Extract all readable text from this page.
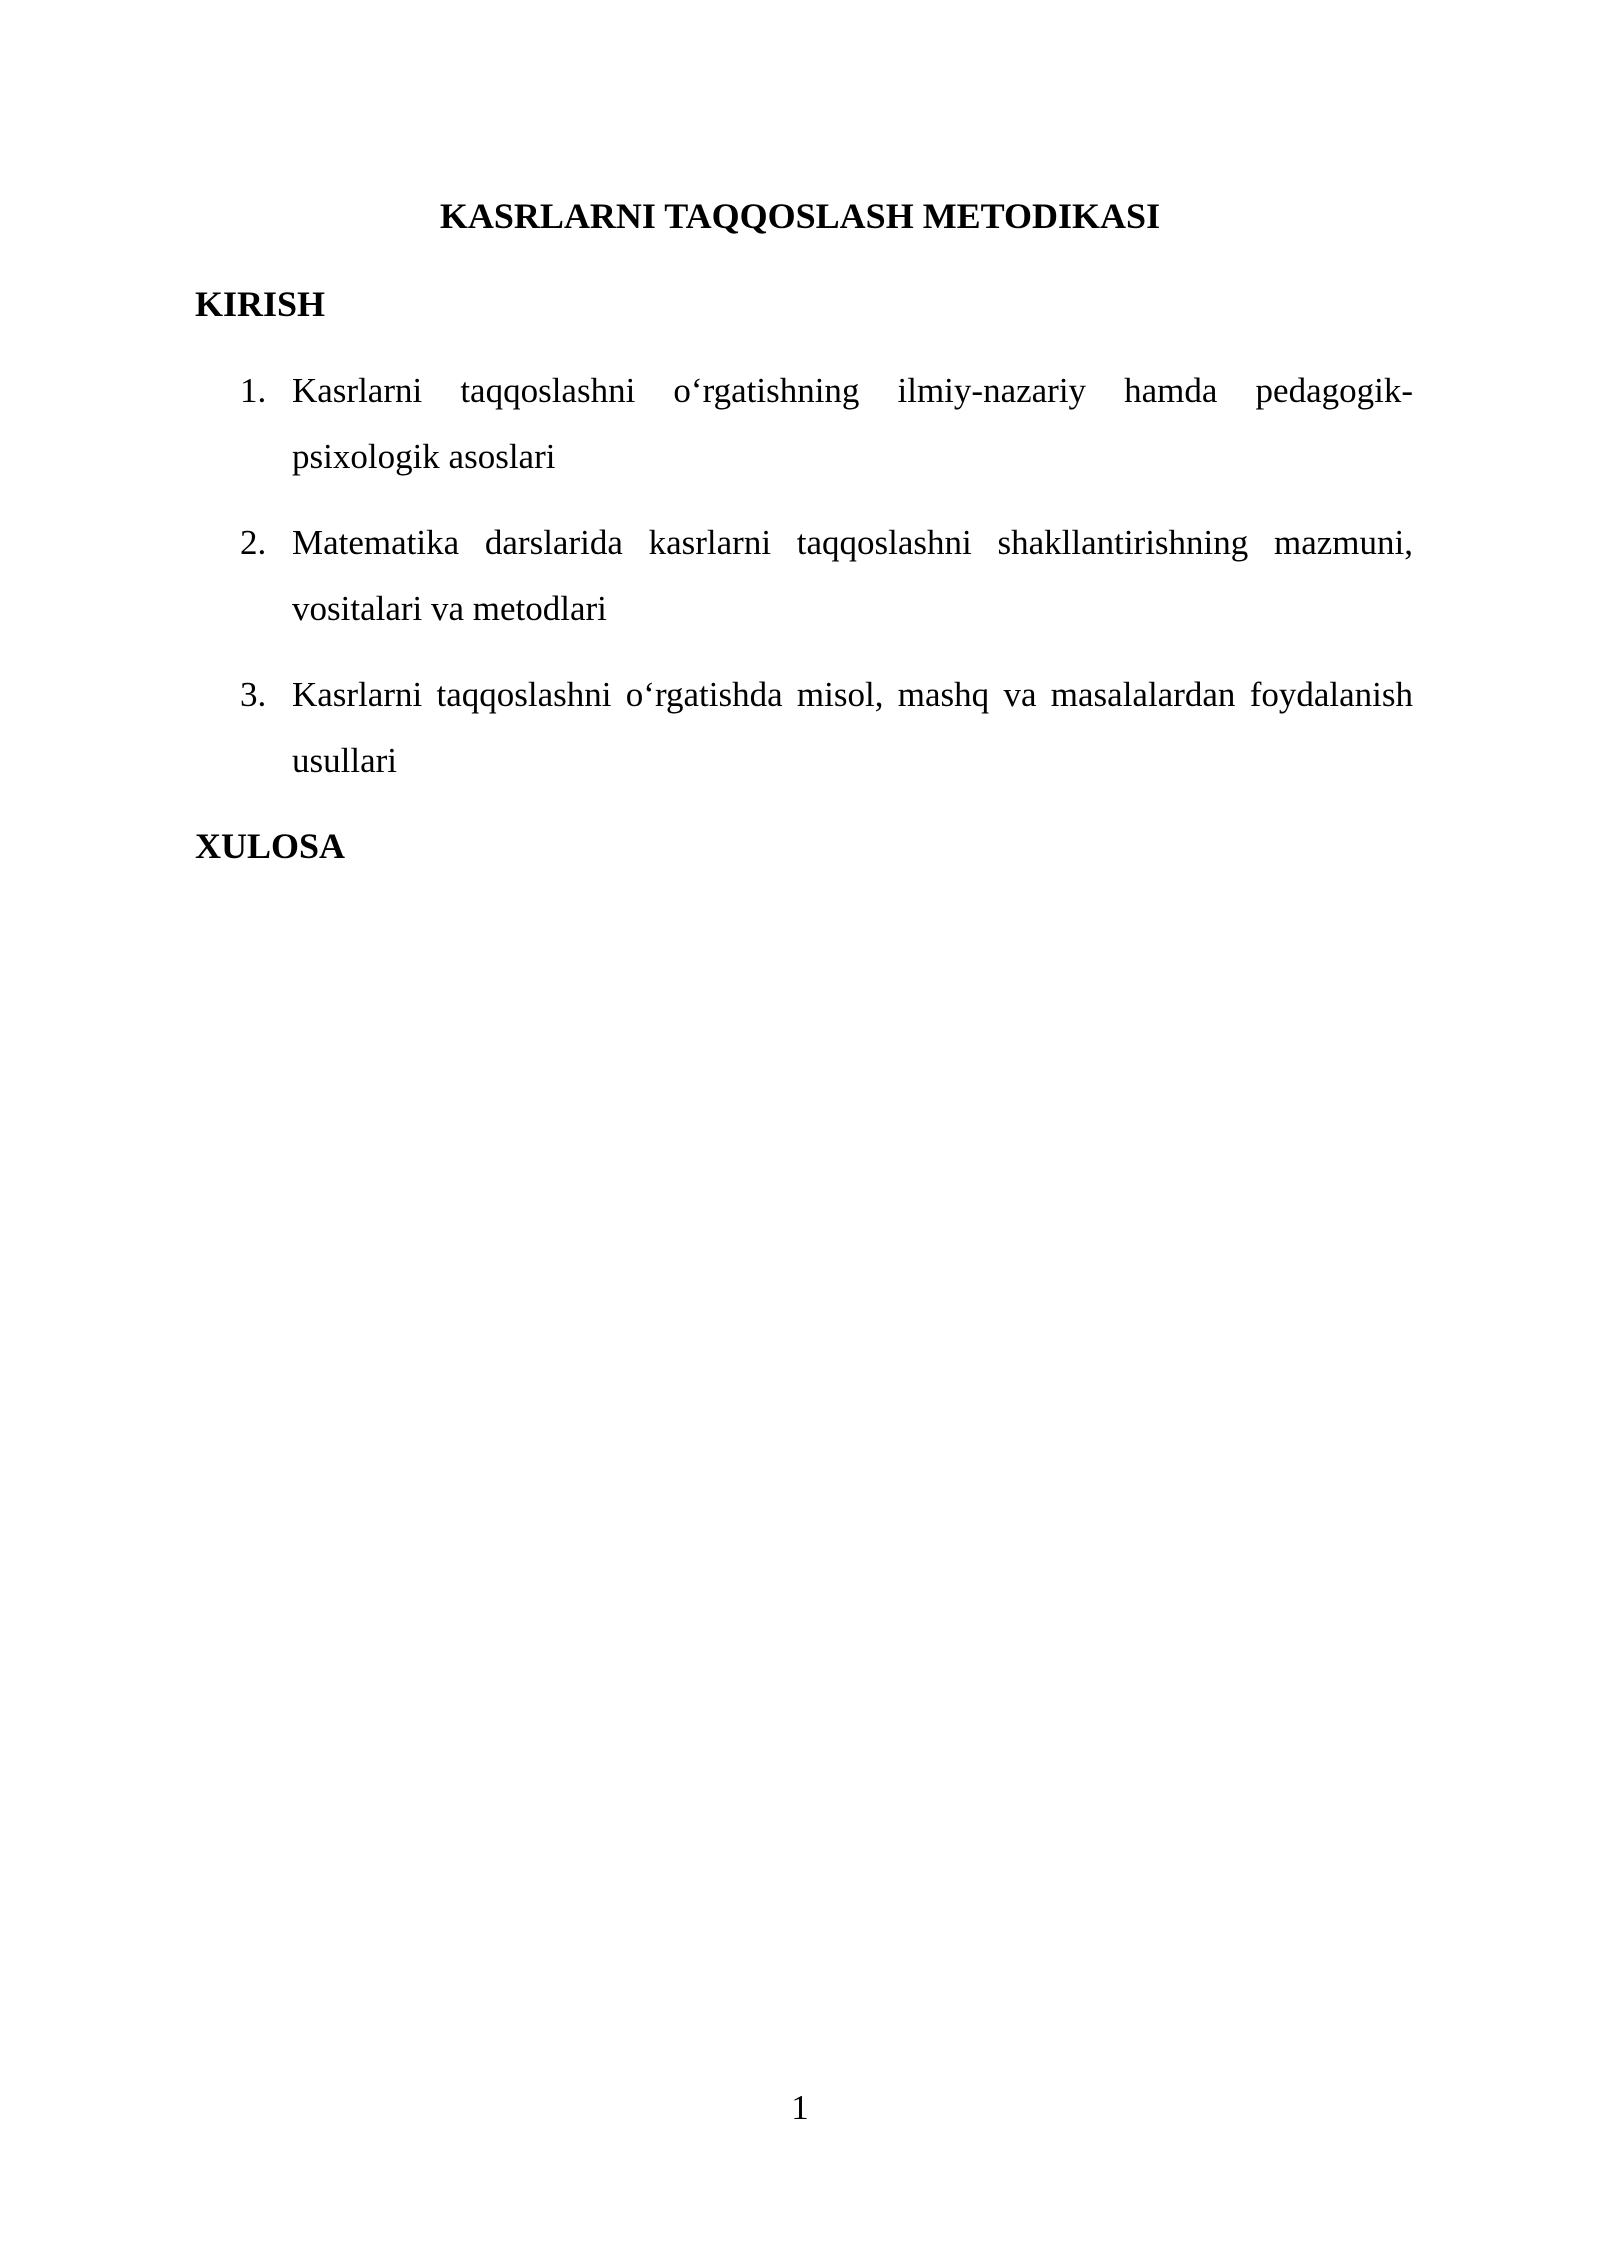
KASRLARNI TAQQOSLASH METODIKASI
KIRISH
1. Kasrlarni taqqoslashni o‘rgatishning ilmiy-nazariy hamda pedagogik-psixologik asoslari
2. Matematika darslarida kasrlarni taqqoslashni shakllantirishning mazmuni, vositalari va metodlari
3. Kasrlarni taqqoslashni o‘rgatishda misol, mashq va masalalardan foydalanish usullari
XULOSA
1
